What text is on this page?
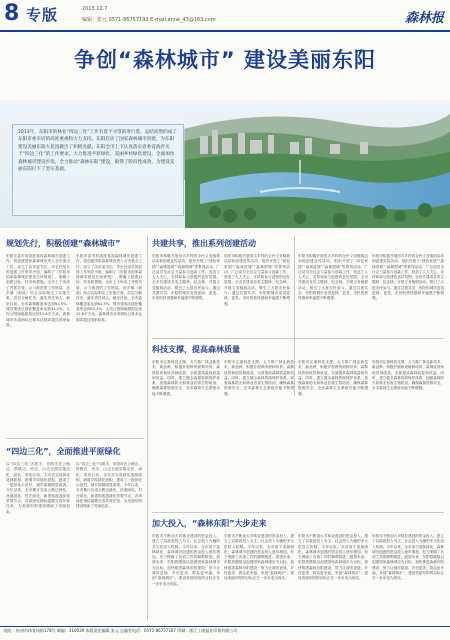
8 专版	2013.12.7
编辑：张元 0571-86757193 E-mail:anne_43@163.com	森林报
争创“森林城市” 建设美丽东阳
2013年，东阳市的林业“四边三化”工作有着不寻常的进行着，总结而然的成了东阳市委市府的高度重视和大力支持。东阳启动了国家森林城市创建，为东阳建设美丽东阳大花园做出了积极贡献。东阳全市上下认真落实省委省政府关于“四边三化”的工作要求，大力推进平原绿化、美丽乡村绿化建设，全面加快森林城市建设步伐，全力推动“森林东阳”建设，取得了阶段性成效，为建设美丽东阳打下了坚实基础。
规划先行，积极创建“森林城市”
东阳市委市府高度重视森林城市创建工作，将创建国家森林城市列入全市重点工作，成立了由市委书记、市长任组长的创建工作领导小组，编制了《东阳市国家森林城市建设总体规划》，明确了创建目标、任务和措施。全市上下形成了齐抓共管、合力推进的工作格局，各乡镇（街道）结合实际制定了实施方案，层层分解任务，落实责任到人。截至目前，全市森林覆盖率达到61.5%，城市建成区绿化覆盖率达到41.2%，人均公园绿地面积达到12.6平方米，森林城市各项指标已基本达到或超过国家标准。
东阳市委市府高度重视森林城市创建工作，将创建国家森林城市列入全市重点工作，成立了由市委书记、市长任组长的创建工作领导小组，编制了《东阳市国家森林城市建设总体规划》，明确了创建目标、任务和措施。全市上下形成了齐抓共管、合力推进的工作格局，各乡镇（街道）结合实际制定了实施方案，层层分解任务，落实责任到人。截至目前，全市森林覆盖率达到61.5%，城市建成区绿化覆盖率达到41.2%，人均公园绿地面积达到12.6平方米，森林城市各项指标已基本达到或超过国家标准。
“四边三化”，全面推进平原绿化
以“四边三化”为抓手，东阳市在公路边、铁路边、河边、山边全面实施洁化、绿化、美化行动，全市共完成绿化造林面积，新增平原绿化面积，建成了一批绿化示范村，城乡面貌明显改善。今年以来，全市累计完成公路边绿化，河道绿化，村庄绿化，新建和改造绿化景观节点，各项绿化指标超额完成年度任务，为美丽东阳建设增添了亮丽色彩。
以“四边三化”为抓手，东阳市在公路边、铁路边、河边、山边全面实施洁化、绿化、美化行动，全市共完成绿化造林面积，新增平原绿化面积，建成了一批绿化示范村，城乡面貌明显改善。今年以来，全市累计完成公路边绿化，河道绿化，村庄绿化，新建和改造绿化景观节点，各项绿化指标超额完成年度任务，为美丽东阳建设增添了亮丽色彩。
共建共享，推出系列创建活动
东阳市积极开展形式多样的全民义务植树活动和创建宣传活动，组织开展了“绿色家园”“森林进城”“森林围城”等系列活动，广泛动员全社会力量参与创森工作，营造了人人关心、支持和参与创建的良好氛围。全市共建成各类主题林、纪念林，开展义务植树活动，吸引了大批市民参与。通过共建共享，东阳的城市变得更绿、更美，市民的获得感和幸福感不断增强。
东阳市积极开展形式多样的全民义务植树活动和创建宣传活动，组织开展了“绿色家园”“森林进城”“森林围城”等系列活动，广泛动员全社会力量参与创森工作，营造了人人关心、支持和参与创建的良好氛围。全市共建成各类主题林、纪念林，开展义务植树活动，吸引了大批市民参与。通过共建共享，东阳的城市变得更绿、更美，市民的获得感和幸福感不断增强。
东阳市积极开展形式多样的全民义务植树活动和创建宣传活动，组织开展了“绿色家园”“森林进城”“森林围城”等系列活动，广泛动员全社会力量参与创森工作，营造了人人关心、支持和参与创建的良好氛围。全市共建成各类主题林、纪念林，开展义务植树活动，吸引了大批市民参与。通过共建共享，东阳的城市变得更绿、更美，市民的获得感和幸福感不断增强。
东阳市积极开展形式多样的全民义务植树活动和创建宣传活动，组织开展了“绿色家园”“森林进城”“森林围城”等系列活动，广泛动员全社会力量参与创森工作，营造了人人关心、支持和参与创建的良好氛围。全市共建成各类主题林、纪念林，开展义务植树活动，吸引了大批市民参与。通过共建共享，东阳的城市变得更绿、更美，市民的获得感和幸福感不断增强。
科技支撑，提高森林质量
东阳市注重科技支撑，大力推广林业新技术、新品种，积极开展珍贵树种培育、森林抚育和低效林改造，全面提高森林质量和效益。同时，建立健全森林资源保护体系，加强森林防火和林业有害生物防治，确保森林资源安全，全市森林生态系统功能不断增强。
东阳市注重科技支撑，大力推广林业新技术、新品种，积极开展珍贵树种培育、森林抚育和低效林改造，全面提高森林质量和效益。同时，建立健全森林资源保护体系，加强森林防火和林业有害生物防治，确保森林资源安全，全市森林生态系统功能不断增强。
东阳市注重科技支撑，大力推广林业新技术、新品种，积极开展珍贵树种培育、森林抚育和低效林改造，全面提高森林质量和效益。同时，建立健全森林资源保护体系，加强森林防火和林业有害生物防治，确保森林资源安全，全市森林生态系统功能不断增强。
东阳市注重科技支撑，大力推广林业新技术、新品种，积极开展珍贵树种培育、森林抚育和低效林改造，全面提高森林质量和效益。同时，建立健全森林资源保护体系，加强森林防火和林业有害生物防治，确保森林资源安全，全市森林生态系统功能不断增强。
加大投入，“森林东阳”大步走来
东阳市不断加大对林业建设的资金投入，建立了以政府投入为主、社会投入为辅的多元化投入机制。今年以来，全市用于造林绿化、森林城市创建的资金投入逐年增加，有力保障了各项工作的顺利推进。展望未来，东阳将继续以创建国家森林城市为目标，加快推进森林东阳建设，努力让城市更绿、乡村更美、群众更幸福，争创“森林城市”，建设美丽东阳的目标正在一步步变为现实。
东阳市不断加大对林业建设的资金投入，建立了以政府投入为主、社会投入为辅的多元化投入机制。今年以来，全市用于造林绿化、森林城市创建的资金投入逐年增加，有力保障了各项工作的顺利推进。展望未来，东阳将继续以创建国家森林城市为目标，加快推进森林东阳建设，努力让城市更绿、乡村更美、群众更幸福，争创“森林城市”，建设美丽东阳的目标正在一步步变为现实。
东阳市不断加大对林业建设的资金投入，建立了以政府投入为主、社会投入为辅的多元化投入机制。今年以来，全市用于造林绿化、森林城市创建的资金投入逐年增加，有力保障了各项工作的顺利推进。展望未来，东阳将继续以创建国家森林城市为目标，加快推进森林东阳建设，努力让城市更绿、乡村更美、群众更幸福，争创“森林城市”，建设美丽东阳的目标正在一步步变为现实。
东阳市不断加大对林业建设的资金投入，建立了以政府投入为主、社会投入为辅的多元化投入机制。今年以来，全市用于造林绿化、森林城市创建的资金投入逐年增加，有力保障了各项工作的顺利推进。展望未来，东阳将继续以创建国家森林城市为目标，加快推进森林东阳建设，努力让城市更绿、乡村更美、群众更幸福，争创“森林城市”，建设美丽东阳的目标正在一步步变为现实。
地址：杭州市体育场路178号 邮编：310039 本版责任编辑 张元 总编室电话：0571-86757187 印刷：浙江工商报业印务有限公司
